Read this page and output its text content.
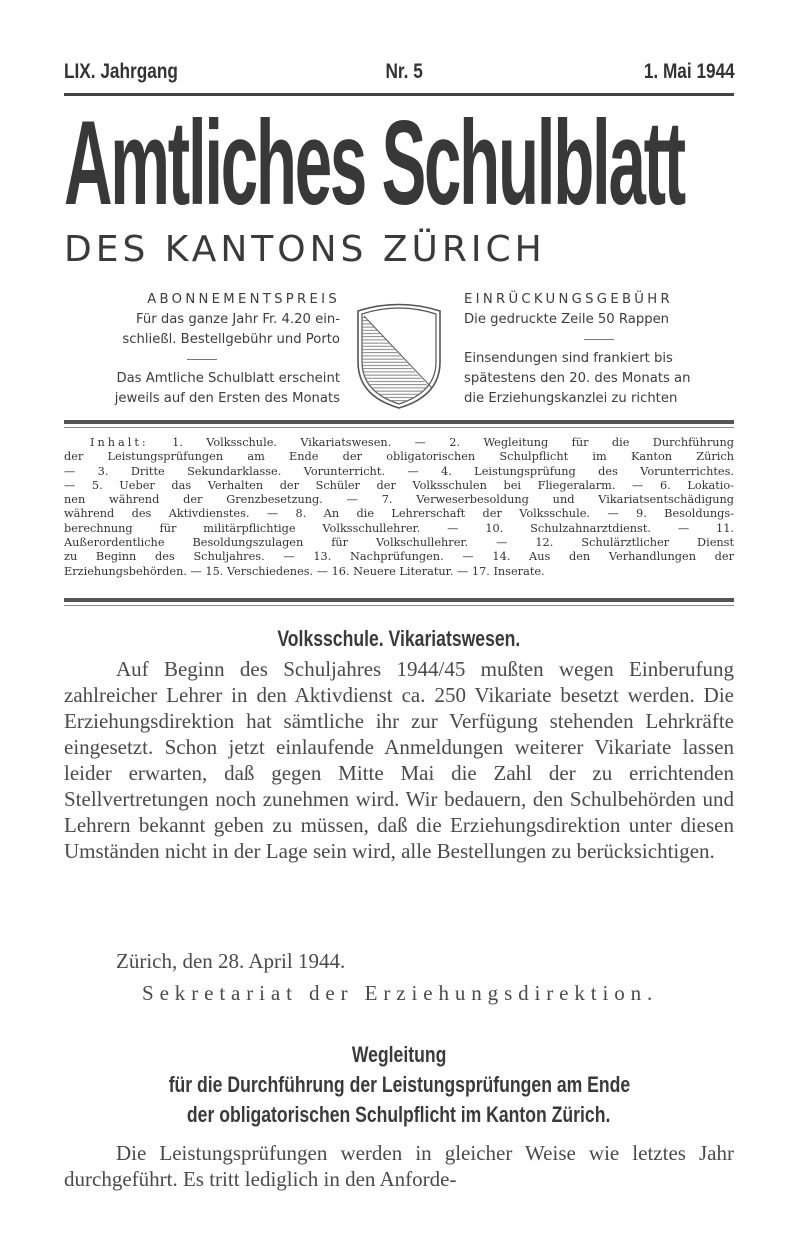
LIX. Jahrgang	Nr. 5	1. Mai 1944
Amtliches Schulblatt
DES KANTONS ZÜRICH
ABONNEMENTSPREIS
Für das ganze Jahr Fr. 4.20 ein-
schließl. Bestellgebühr und Porto
Das Amtliche Schulblatt erscheint
jeweils auf den Ersten des Monats
EINRÜCKUNGSGEBÜHR
Die gedruckte Zeile 50 Rappen
Einsendungen sind frankiert bis
spätestens den 20. des Monats an
die Erziehungskanzlei zu richten

Inhalt: 1. Volksschule. Vikariatswesen. — 2. Wegleitung für die Durchführung

der Leistungsprüfungen am Ende der obligatorischen Schulpflicht im Kanton Zürich

— 3. Dritte Sekundarklasse. Vorunterricht. — 4. Leistungsprüfung des Vorunterrichtes.

— 5. Ueber das Verhalten der Schüler der Volksschulen bei Fliegeralarm. — 6. Lokatio-

nen während der Grenzbesetzung. — 7. Verweserbesoldung und Vikariatsentschädigung

während des Aktivdienstes. — 8. An die Lehrerschaft der Volksschule. — 9. Besoldungs-

berechnung für militärpflichtige Volksschullehrer. — 10. Schulzahnarztdienst. — 11.

Außerordentliche Besoldungszulagen für Volkschullehrer. — 12. Schulärztlicher Dienst

zu Beginn des Schuljahres. — 13. Nachprüfungen. — 14. Aus den Verhandlungen der

Erziehungsbehörden. — 15. Verschiedenes. — 16. Neuere Literatur. — 17. Inserate.

Volksschule. Vikariatswesen.

Auf Beginn des Schuljahres 1944/45 mußten wegen Einberufung zahlreicher Lehrer in den Aktivdienst ca. 250 Vikariate besetzt werden. Die Erziehungsdirektion hat sämtliche ihr zur Verfügung stehenden Lehrkräfte eingesetzt. Schon jetzt einlaufende Anmeldungen weiterer Vikariate lassen leider erwarten, daß gegen Mitte Mai die Zahl der zu errichtenden Stellvertretungen noch zunehmen wird. Wir bedauern, den Schulbehörden und Lehrern bekannt geben zu müssen, daß die Erziehungsdirektion unter diesen Umständen nicht in der Lage sein wird, alle Bestellungen zu berücksichtigen.

Zürich, den 28. April 1944.
Sekretariat der Erziehungsdirektion.
Wegleitung
für die Durchführung der Leistungsprüfungen am Ende
der obligatorischen Schulpflicht im Kanton Zürich.

Die Leistungsprüfungen werden in gleicher Weise wie letztes Jahr durchgeführt. Es tritt lediglich in den Anforde-
